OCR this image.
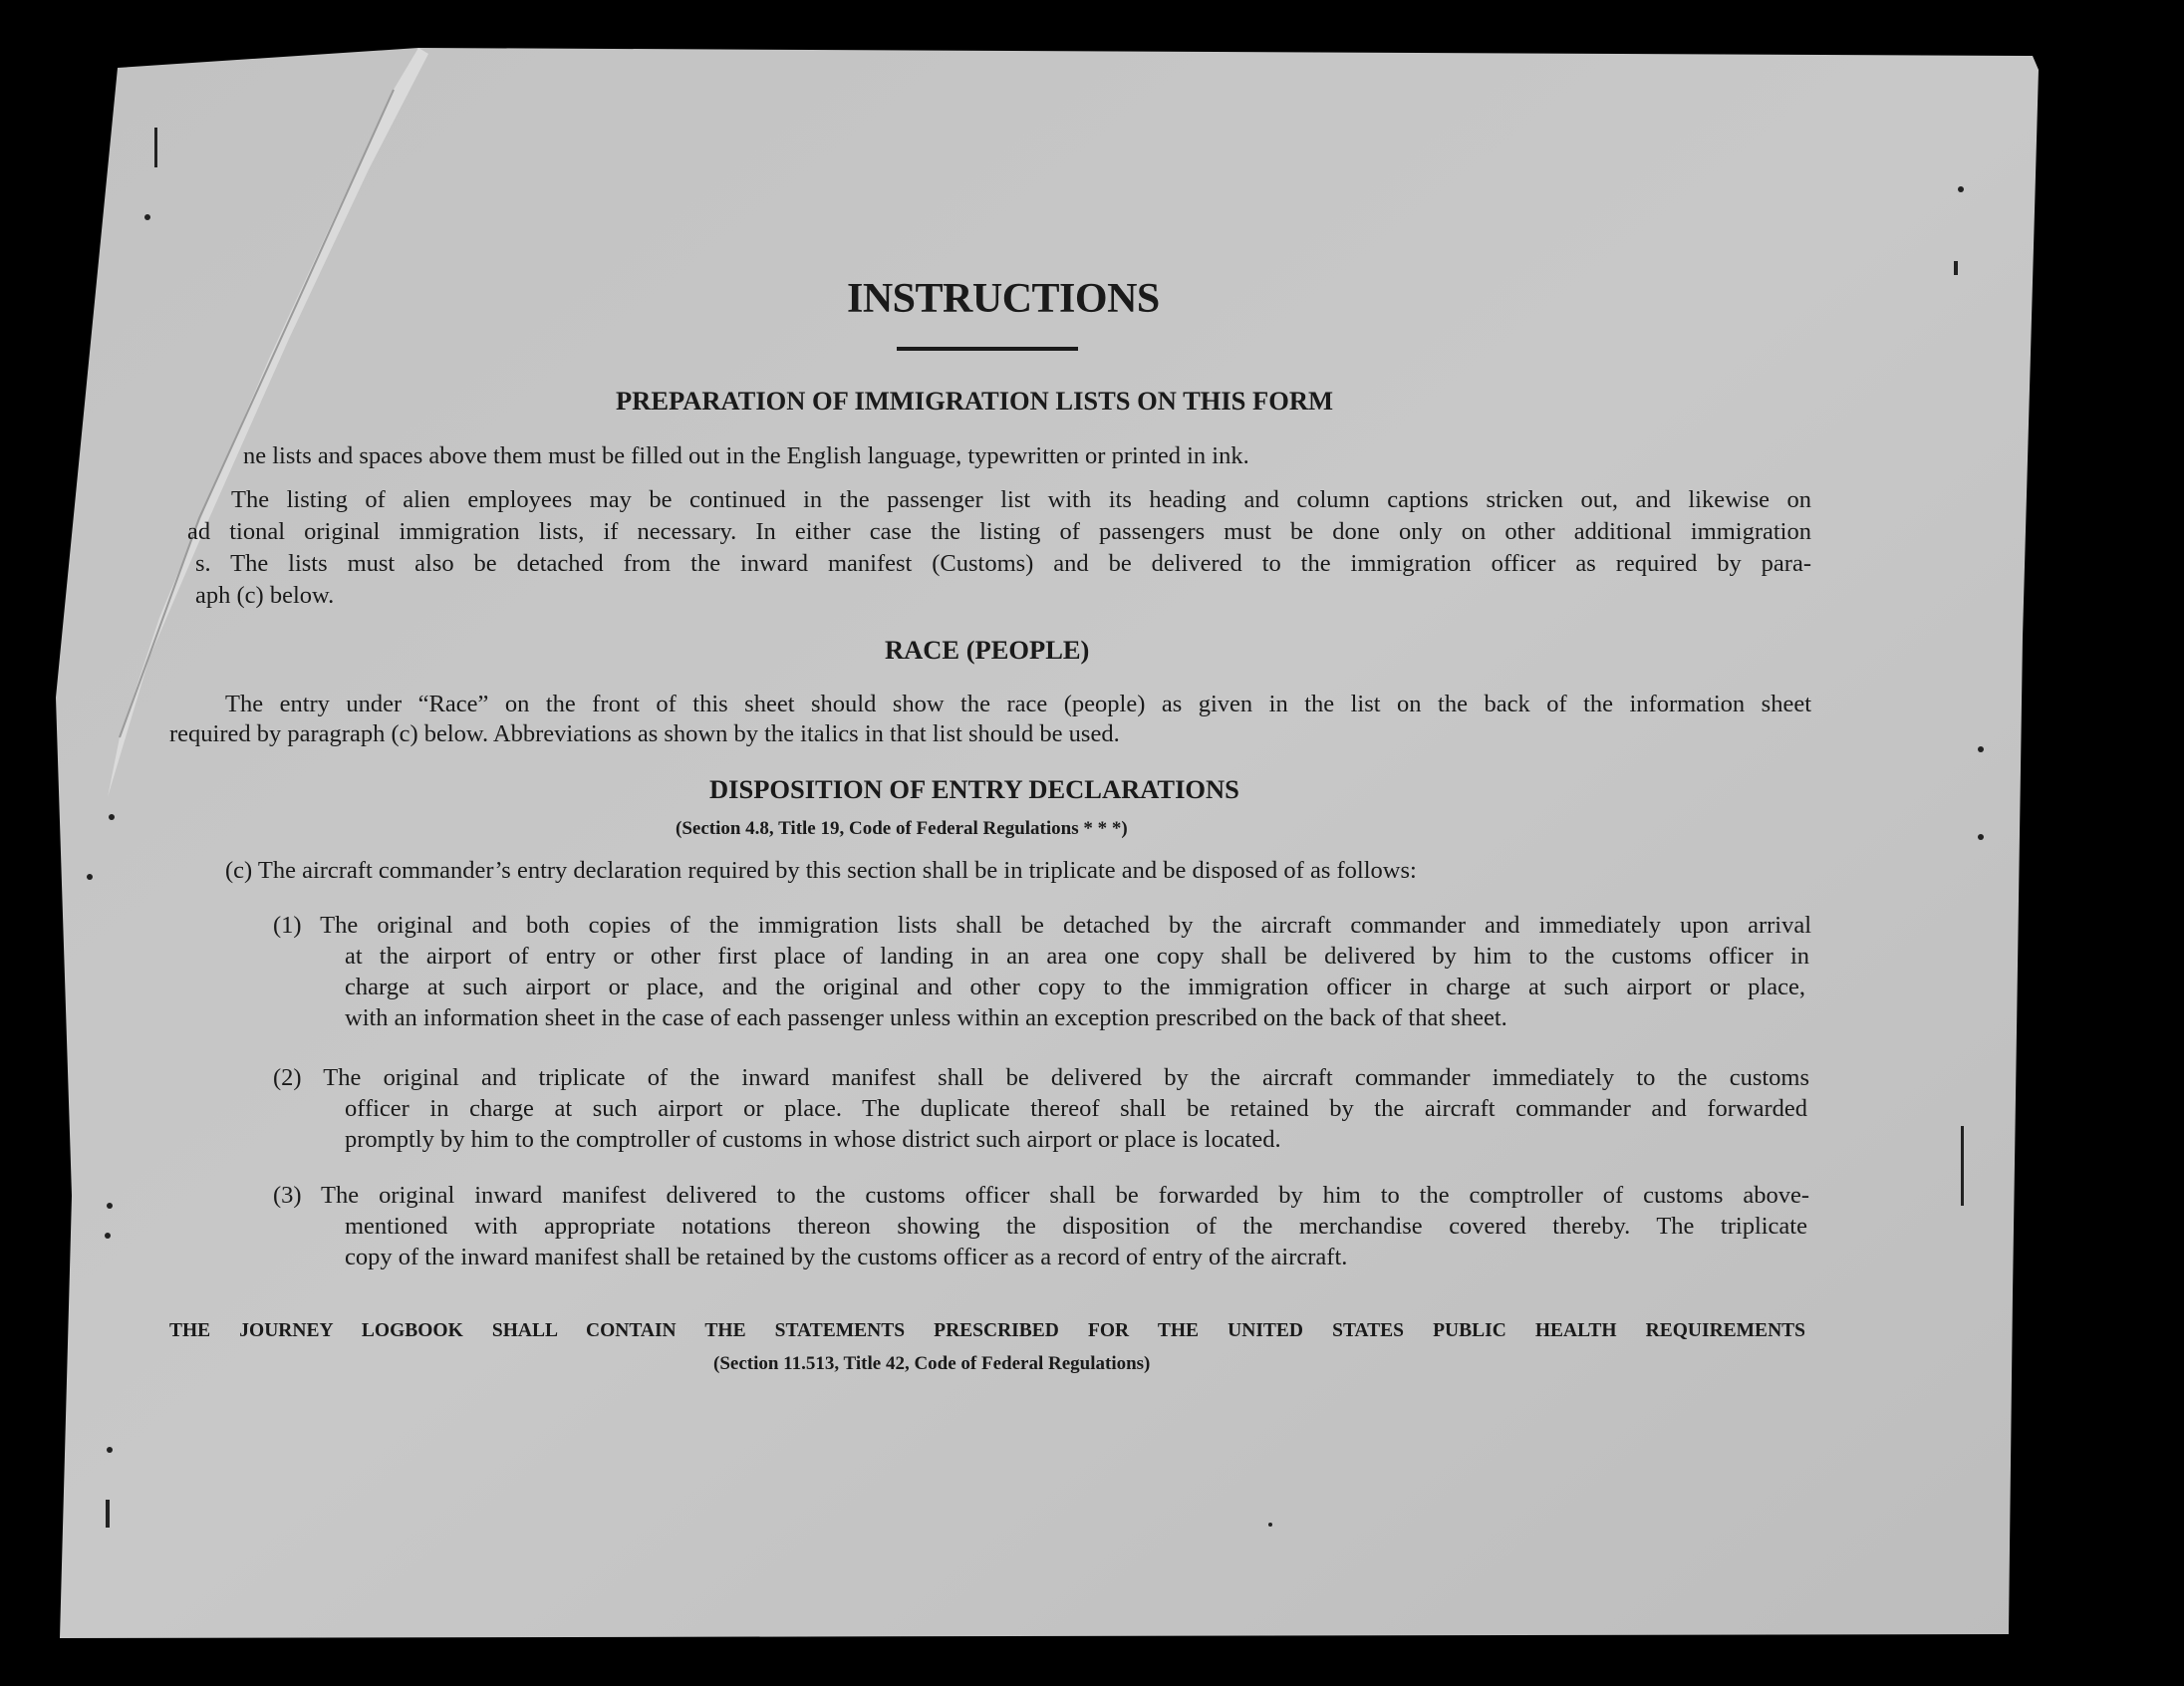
INSTRUCTIONS
PREPARATION OF IMMIGRATION LISTS ON THIS FORM
ne lists and spaces above them must be filled out in the English language, typewritten or printed in ink.
The listing of alien employees may be continued in the passenger list with its heading and column captions stricken out, and likewise on
ad tional original immigration lists, if necessary. In either case the listing of passengers must be done only on other additional immigration
s. The lists must also be detached from the inward manifest (Customs) and be delivered to the immigration officer as required by para-
aph (c) below.
RACE (PEOPLE)
The entry under “Race” on the front of this sheet should show the race (people) as given in the list on the back of the information sheet
required by paragraph (c) below. Abbreviations as shown by the italics in that list should be used.
DISPOSITION OF ENTRY DECLARATIONS
(Section 4.8, Title 19, Code of Federal Regulations * * *)
(c) The aircraft commander’s entry declaration required by this section shall be in triplicate and be disposed of as follows:
(1) The original and both copies of the immigration lists shall be detached by the aircraft commander and immediately upon arrival
at the airport of entry or other first place of landing in an area one copy shall be delivered by him to the customs officer in
charge at such airport or place, and the original and other copy to the immigration officer in charge at such airport or place,
with an information sheet in the case of each passenger unless within an exception prescribed on the back of that sheet.
(2) The original and triplicate of the inward manifest shall be delivered by the aircraft commander immediately to the customs
officer in charge at such airport or place. The duplicate thereof shall be retained by the aircraft commander and forwarded
promptly by him to the comptroller of customs in whose district such airport or place is located.
(3) The original inward manifest delivered to the customs officer shall be forwarded by him to the comptroller of customs above-
mentioned with appropriate notations thereon showing the disposition of the merchandise covered thereby. The triplicate
copy of the inward manifest shall be retained by the customs officer as a record of entry of the aircraft.
THE JOURNEY LOGBOOK SHALL CONTAIN THE STATEMENTS PRESCRIBED FOR THE UNITED STATES PUBLIC HEALTH REQUIREMENTS
(Section 11.513, Title 42, Code of Federal Regulations)
